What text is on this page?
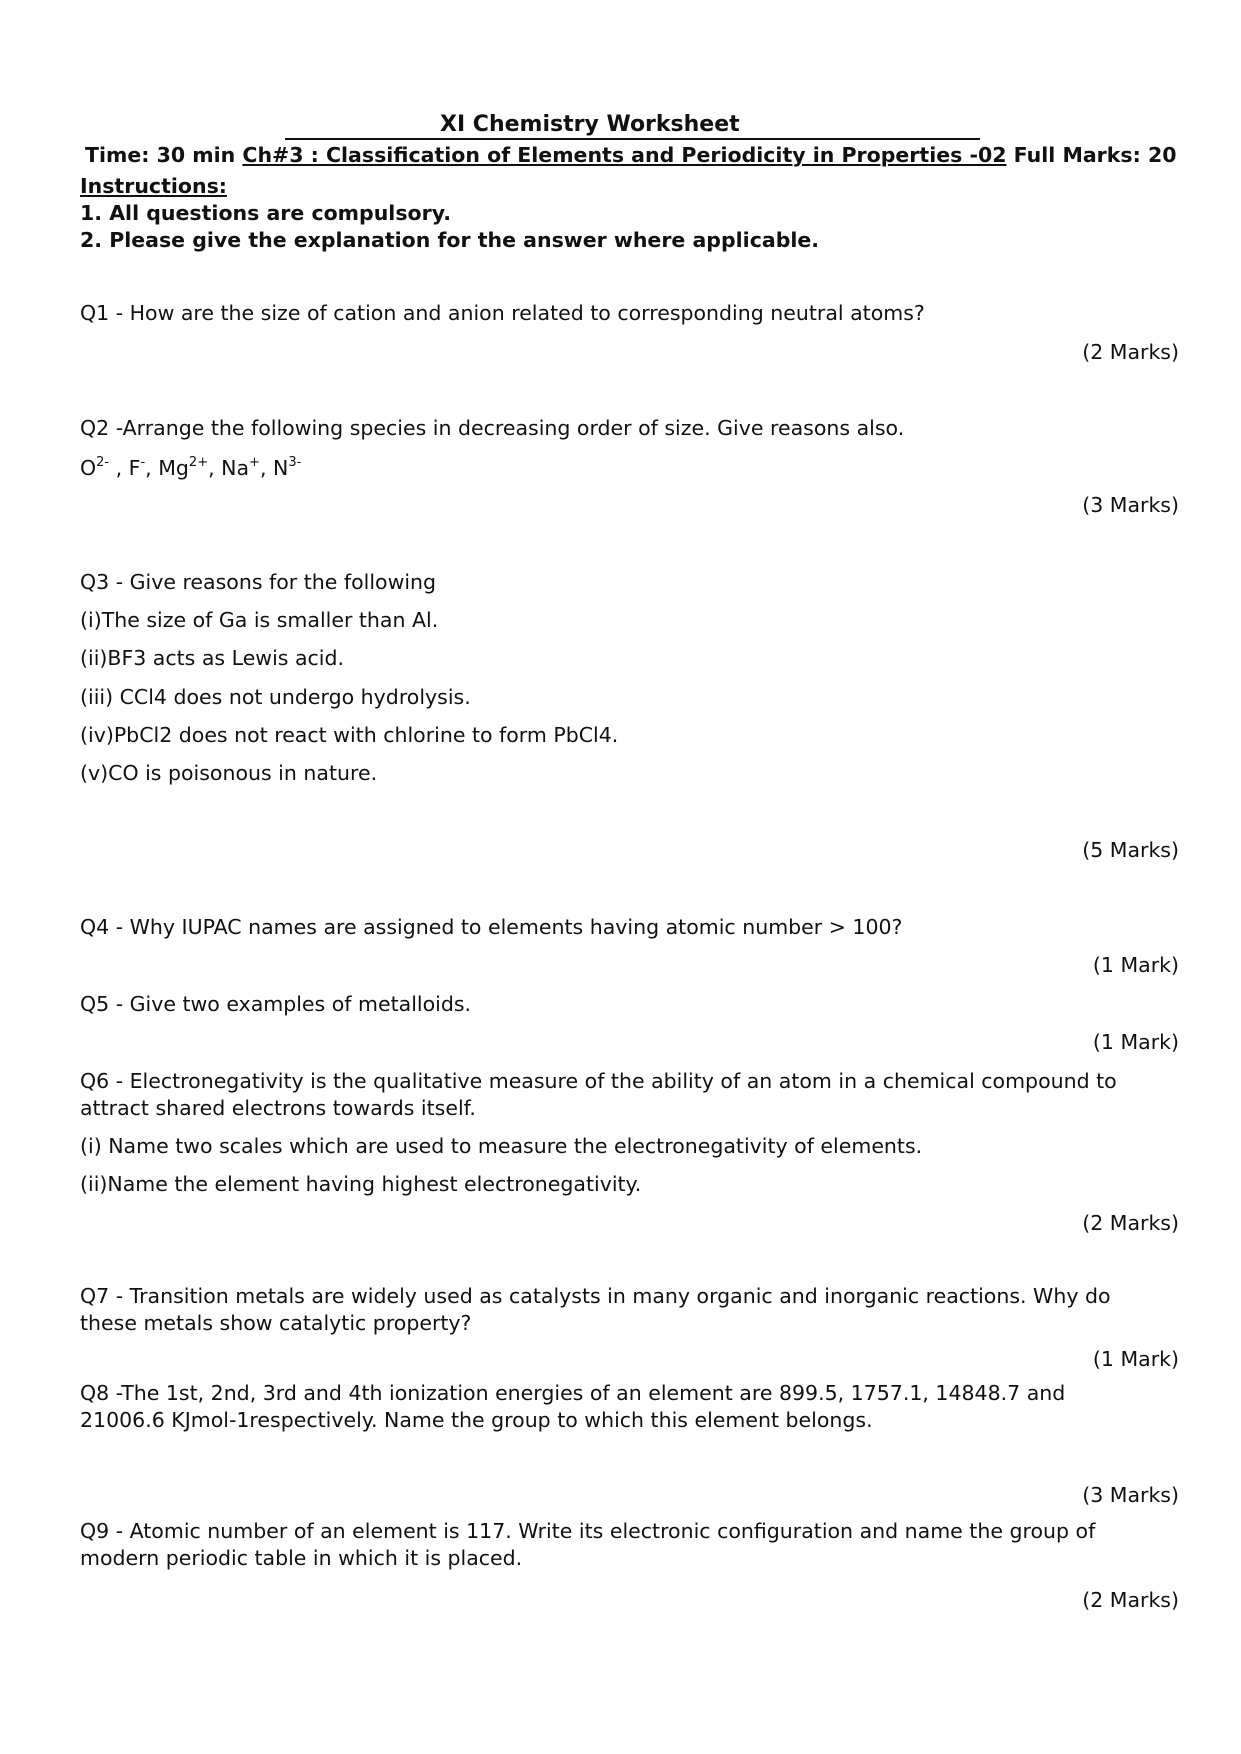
XI Chemistry Worksheet
Time: 30 min Ch#3 : Classification of Elements and Periodicity in Properties -02 Full Marks: 20
Instructions:
1. All questions are compulsory.
2. Please give the explanation for the answer where applicable.
Q1 - How are the size of cation and anion related to corresponding neutral atoms?
(2 Marks)
Q2 -Arrange the following species in decreasing order of size. Give reasons also.
$O^{2-}$ , F-, $Mg^{2+}$, Na+, $N^{3-}$
(3 Marks)
Q3 - Give reasons for the following
(i)The size of Ga is smaller than Al.
(ii)BF3 acts as Lewis acid.
(iii) CCl4 does not undergo hydrolysis.
(iv)PbCl2 does not react with chlorine to form PbCl4.
(v)CO is poisonous in nature.
(5 Marks)
Q4 - Why IUPAC names are assigned to elements having atomic number > 100?
(1 Mark)
Q5 - Give two examples of metalloids.
(1 Mark)
Q6 - Electronegativity is the qualitative measure of the ability of an atom in a chemical compound to
attract shared electrons towards itself.
(i) Name two scales which are used to measure the electronegativity of elements.
(ii)Name the element having highest electronegativity.
(2 Marks)
Q7 - Transition metals are widely used as catalysts in many organic and inorganic reactions. Why do
these metals show catalytic property?
(1 Mark)
Q8 -The 1st, 2nd, 3rd and 4th ionization energies of an element are 899.5, 1757.1, 14848.7 and
21006.6 KJmol-1respectively. Name the group to which this element belongs.
(3 Marks)
Q9 - Atomic number of an element is 117. Write its electronic configuration and name the group of
modern periodic table in which it is placed.
(2 Marks)
